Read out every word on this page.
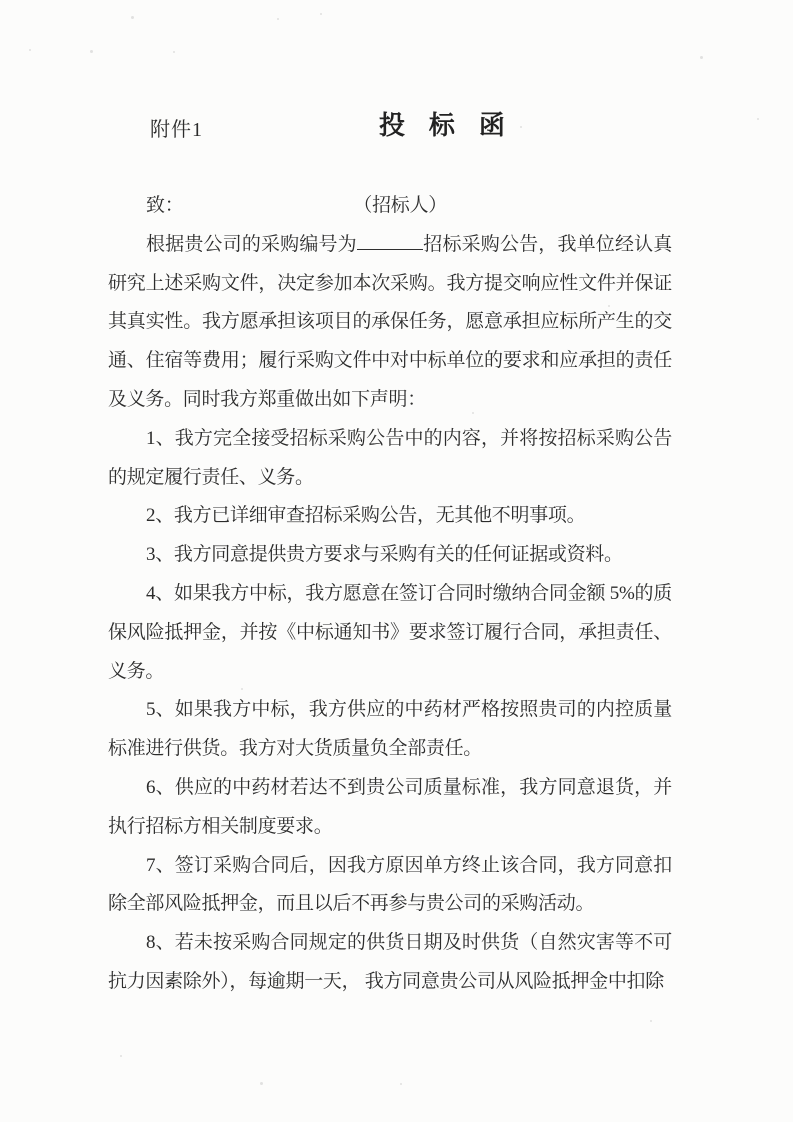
附件1	投标函

致：	（招标人）

根据贵公司的采购编号为	招标采购公告，我单位经认真研究上述采购文件，决定参加本次采购。我方提交响应性文件并保证其真实性。我方愿承担该项目的承保任务，愿意承担应标所产生的交通、住宿等费用；履行采购文件中对中标单位的要求和应承担的责任及义务。同时我方郑重做出如下声明：

1、我方完全接受招标采购公告中的内容，并将按招标采购公告的规定履行责任、义务。

2、我方已详细审查招标采购公告，无其他不明事项。

3、我方同意提供贵方要求与采购有关的任何证据或资料。

4、如果我方中标，我方愿意在签订合同时缴纳合同金额 5%的质保风险抵押金，并按《中标通知书》要求签订履行合同，承担责任、义务。

5、如果我方中标，我方供应的中药材严格按照贵司的内控质量标准进行供货。我方对大货质量负全部责任。

6、供应的中药材若达不到贵公司质量标准，我方同意退货，并执行招标方相关制度要求。

7、签订采购合同后，因我方原因单方终止该合同，我方同意扣除全部风险抵押金，而且以后不再参与贵公司的采购活动。

8、若未按采购合同规定的供货日期及时供货（自然灾害等不可抗力因素除外），每逾期一天， 我方同意贵公司从风险抵押金中扣除
